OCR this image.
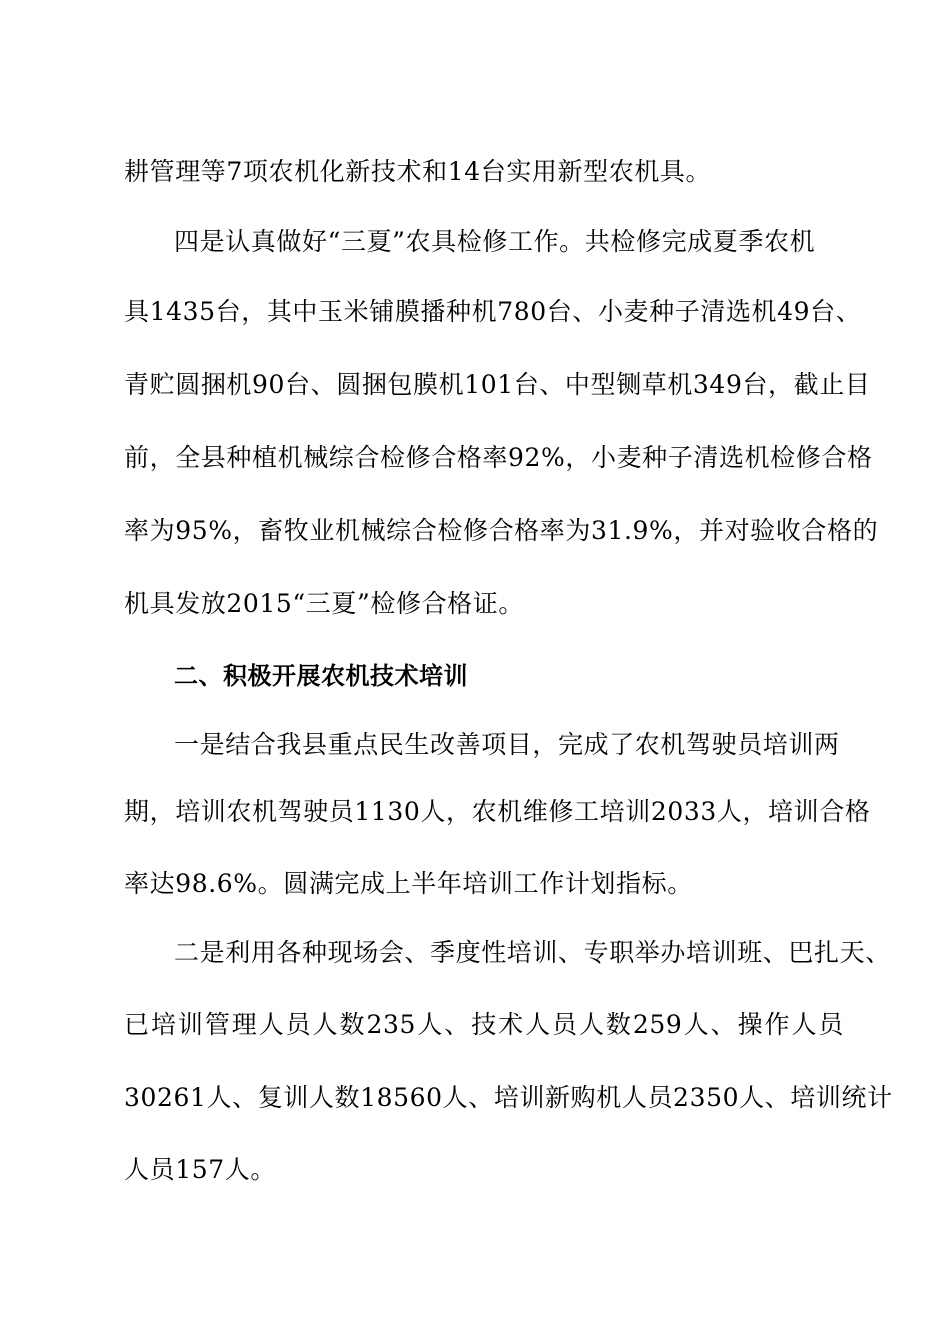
耕管理等7项农机化新技术和14台实用新型农机具。
四是认真做好“三夏”农具检修工作。共检修完成夏季农机
具1435台，其中玉米铺膜播种机780台、小麦种子清选机49台、
青贮圆捆机90台、圆捆包膜机101台、中型铡草机349台，截止目
前，全县种植机械综合检修合格率92%，小麦种子清选机检修合格
率为95%，畜牧业机械综合检修合格率为31.9%，并对验收合格的
机具发放2015“三夏”检修合格证。
二、积极开展农机技术培训
一是结合我县重点民生改善项目，完成了农机驾驶员培训两
期，培训农机驾驶员1130人，农机维修工培训2033人，培训合格
率达98.6%。圆满完成上半年培训工作计划指标。
二是利用各种现场会、季度性培训、专职举办培训班、巴扎天、
已培训管理人员人数235人、技术人员人数259人、操作人员
30261人、复训人数18560人、培训新购机人员2350人、培训统计
人员157人。
